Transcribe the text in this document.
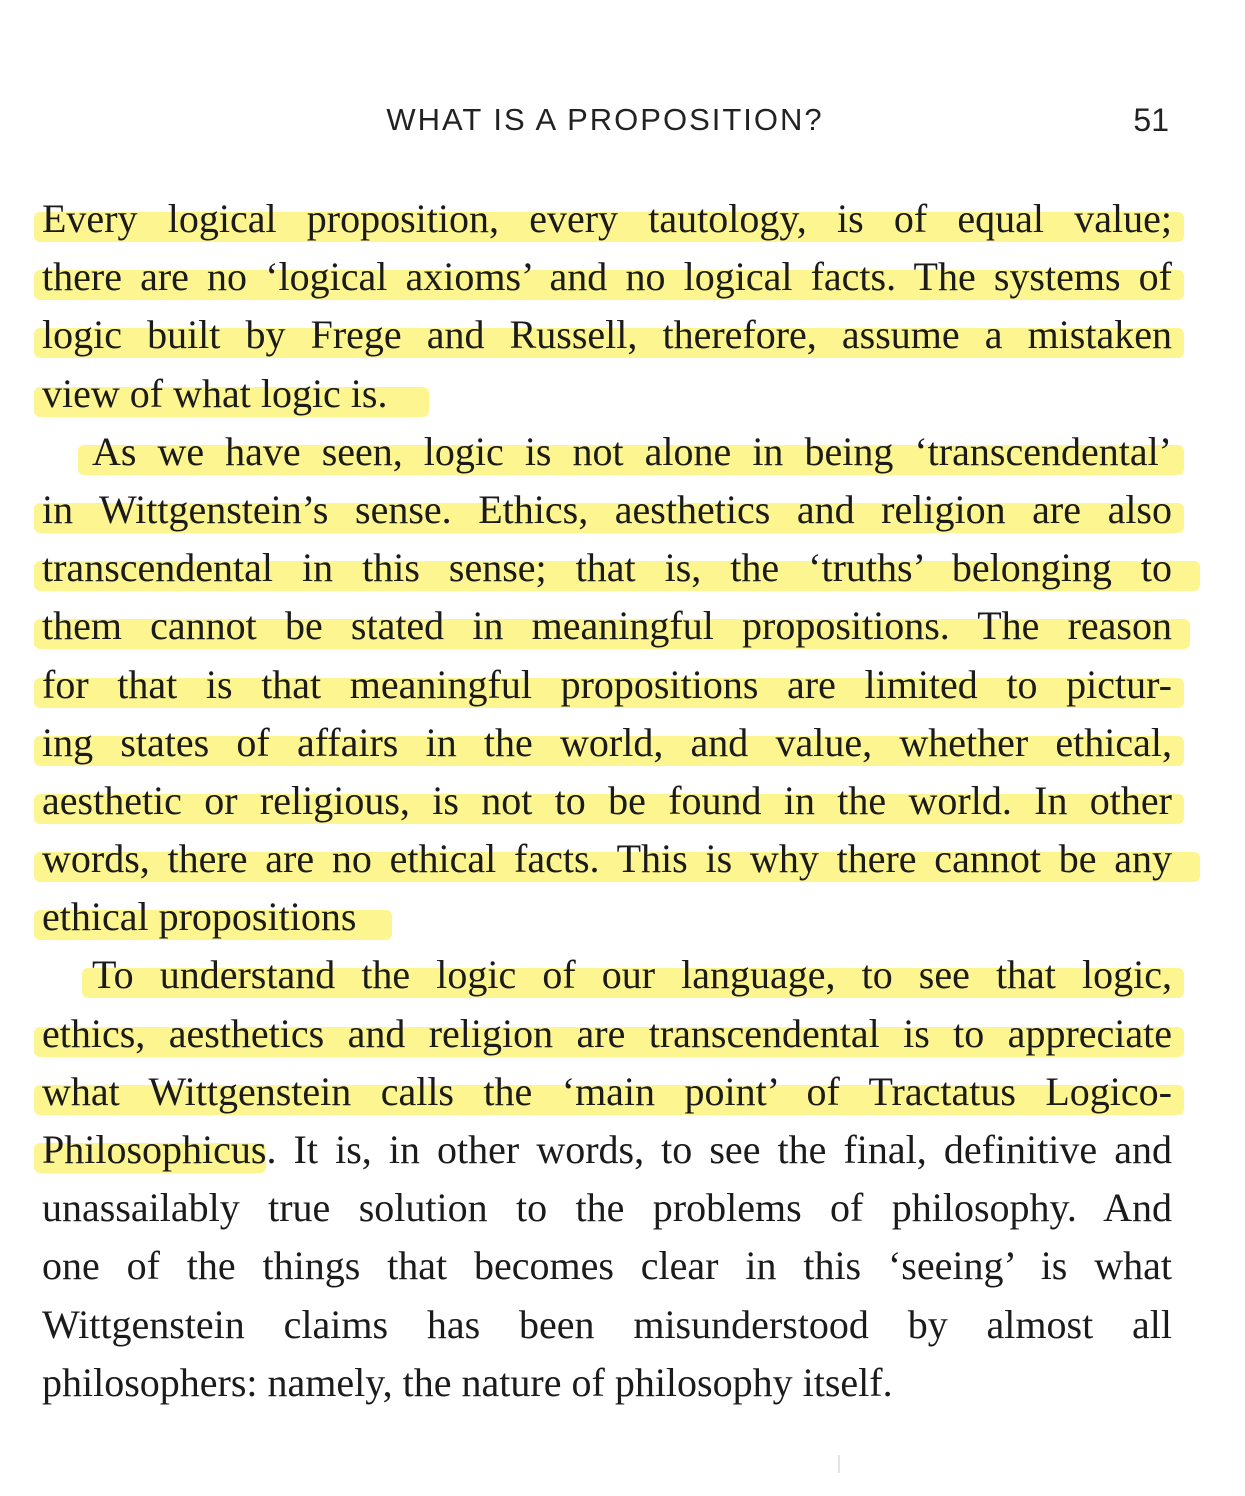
WHAT IS A PROPOSITION?	51
Every logical proposition, every tautology, is of equal value;
there are no ‘logical axioms’ and no logical facts. The systems of
logic built by Frege and Russell, therefore, assume a mistaken
view of what logic is.
As we have seen, logic is not alone in being ‘transcendental’
in Wittgenstein’s sense. Ethics, aesthetics and religion are also
transcendental in this sense; that is, the ‘truths’ belonging to
them cannot be stated in meaningful propositions. The reason
for that is that meaningful propositions are limited to pictur-
ing states of affairs in the world, and value, whether ethical,
aesthetic or religious, is not to be found in the world. In other
words, there are no ethical facts. This is why there cannot be any
ethical propositions
To understand the logic of our language, to see that logic,
ethics, aesthetics and religion are transcendental is to appreciate
what Wittgenstein calls the ‘main point’ of Tractatus Logico-
Philosophicus. It is, in other words, to see the final, definitive and
unassailably true solution to the problems of philosophy. And
one of the things that becomes clear in this ‘seeing’ is what
Wittgenstein claims has been misunderstood by almost all
philosophers: namely, the nature of philosophy itself.
